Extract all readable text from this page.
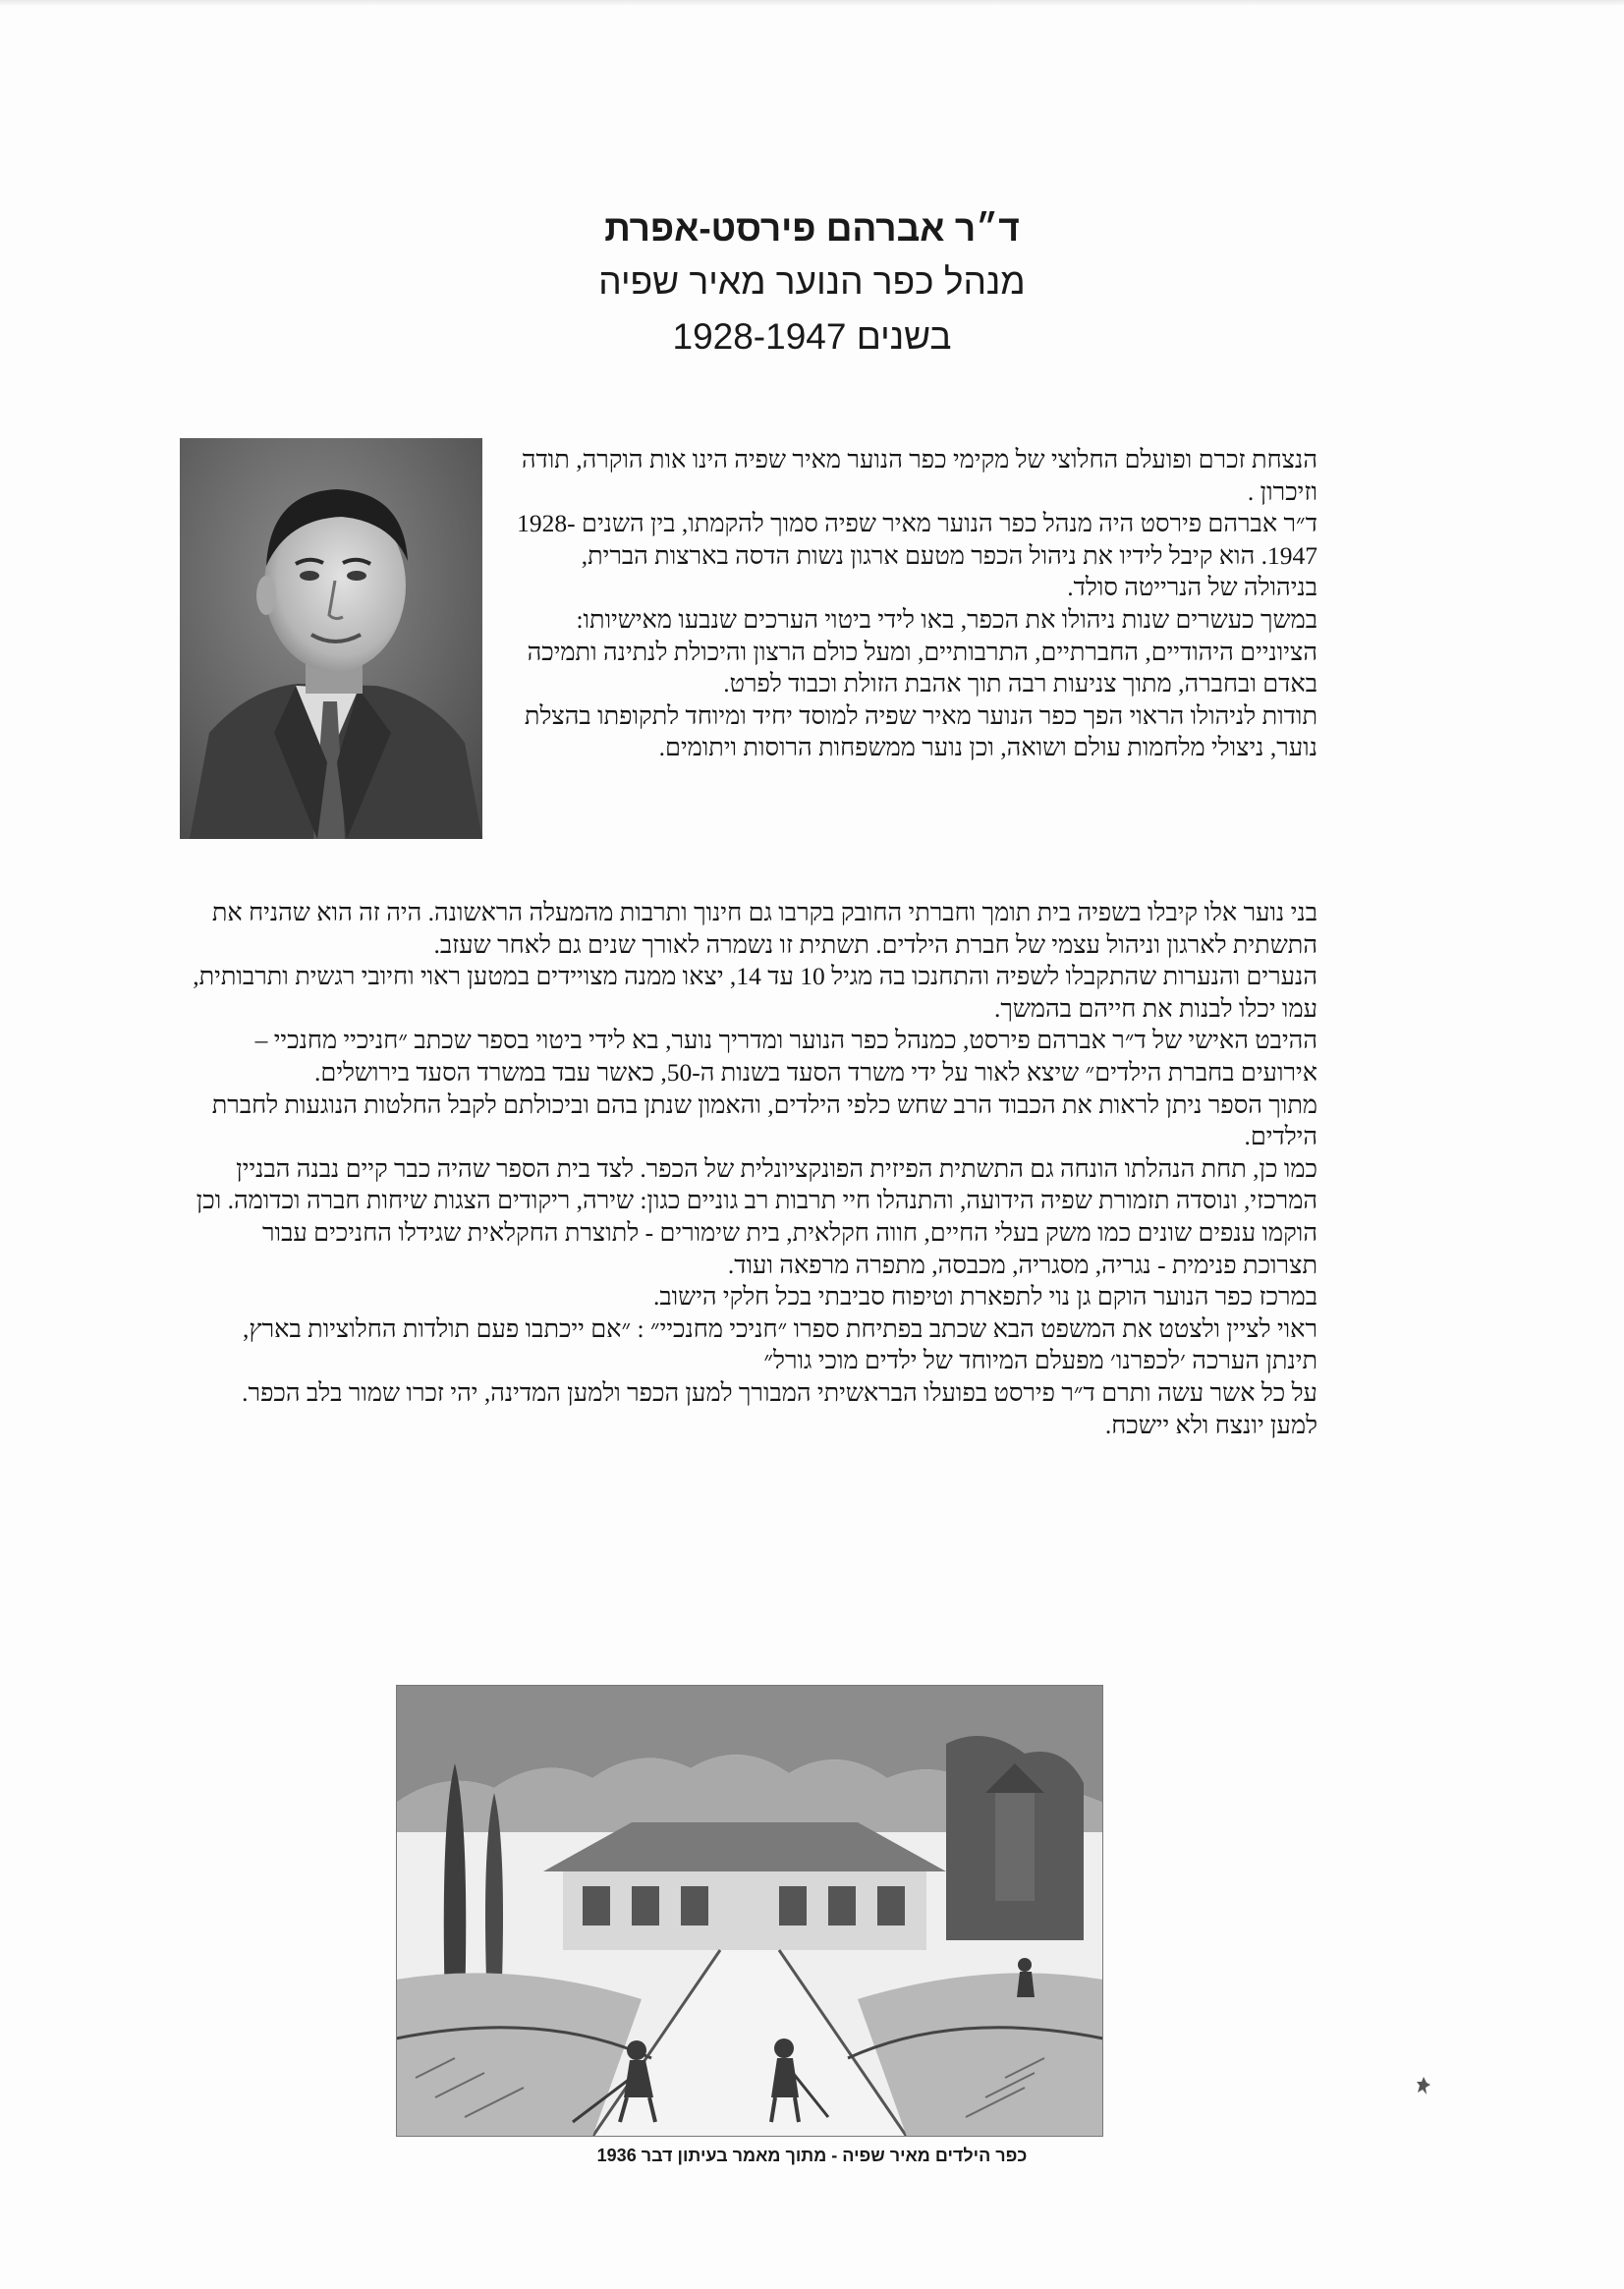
ד״ר אברהם פירסט-אפרת
מנהל כפר הנוער מאיר שפיה
בשנים 1928-1947

הנצחת זכרם ופועלם החלוצי של מקימי כפר הנוער מאיר שפיה הינו אות הוקרה, תודה וזיכרון .

ד״ר אברהם פירסט היה מנהל כפר הנוער מאיר שפיה סמוך להקמתו, בין השנים 1928-1947. הוא קיבל לידיו את ניהול הכפר מטעם ארגון נשות הדסה בארצות הברית, בניהולה של הנרייטה סולד.

במשך כעשרים שנות ניהולו את הכפר, באו לידי ביטוי הערכים שנבעו מאישיותו: הציוניים היהודיים, החברתיים, התרבותיים, ומעל כולם הרצון והיכולת לנתינה ותמיכה באדם ובחברה, מתוך צניעות רבה תוך אהבת הזולת וכבוד לפרט.

תודות לניהולו הראוי הפך כפר הנוער מאיר שפיה למוסד יחיד ומיוחד לתקופתו בהצלת נוער, ניצולי מלחמות עולם ושואה, וכן נוער ממשפחות הרוסות ויתומים.

בני נוער אלו קיבלו בשפיה בית תומך וחברתי החובק בקרבו גם חינוך ותרבות מהמעלה הראשונה. היה זה הוא שהניח את התשתית לארגון וניהול עצמי של חברת הילדים. תשתית זו נשמרה לאורך שנים גם לאחר שעזב.

הנערים והנערות שהתקבלו לשפיה והתחנכו בה מגיל 10 עד 14, יצאו ממנה מצויידים במטען ראוי וחיובי רגשית ותרבותית, עמו יכלו לבנות את חייהם בהמשך.

ההיבט האישי של ד״ר אברהם פירסט, כמנהל כפר הנוער ומדריך נוער, בא לידי ביטוי בספר שכתב ״חניכיי מחנכיי – אירועים בחברת הילדים״ שיצא לאור על ידי משרד הסעד בשנות ה-50, כאשר עבד במשרד הסעד בירושלים.

מתוך הספר ניתן לראות את הכבוד הרב שחש כלפי הילדים, והאמון שנתן בהם וביכולתם לקבל החלטות הנוגעות לחברת הילדים.

כמו כן, תחת הנהלתו הונחה גם התשתית הפיזית הפונקציונלית של הכפר. לצד בית הספר שהיה כבר קיים נבנה הבניין המרכזי, ונוסדה תזמורת שפיה הידועה, והתנהלו חיי תרבות רב גוניים כגון: שירה, ריקודים הצגות שיחות חברה וכדומה. וכן הוקמו ענפים שונים כמו משק בעלי החיים, חווה חקלאית, בית שימורים - לתוצרת החקלאית שגידלו החניכים עבור תצרוכת פנימית - נגריה, מסגריה, מכבסה, מתפרה מרפאה ועוד.

במרכז כפר הנוער הוקם גן נוי לתפארת וטיפוח סביבתי בכל חלקי הישוב.

ראוי לציין ולצטט את המשפט הבא שכתב בפתיחת ספרו ״חניכי מחנכיי״ : ״אם ייכתבו פעם תולדות החלוציות בארץ, תינתן הערכה ׳לכפרנו׳ מפעלם המיוחד של ילדים מוכי גורל״

על כל אשר עשה ותרם ד״ר פירסט בפועלו הבראשיתי המבורך למען הכפר ולמען המדינה, יהי זכרו שמור בלב הכפר. למען יונצח ולא יישכח.

כפר הילדים מאיר שפיה - מתוך מאמר בעיתון דבר 1936
